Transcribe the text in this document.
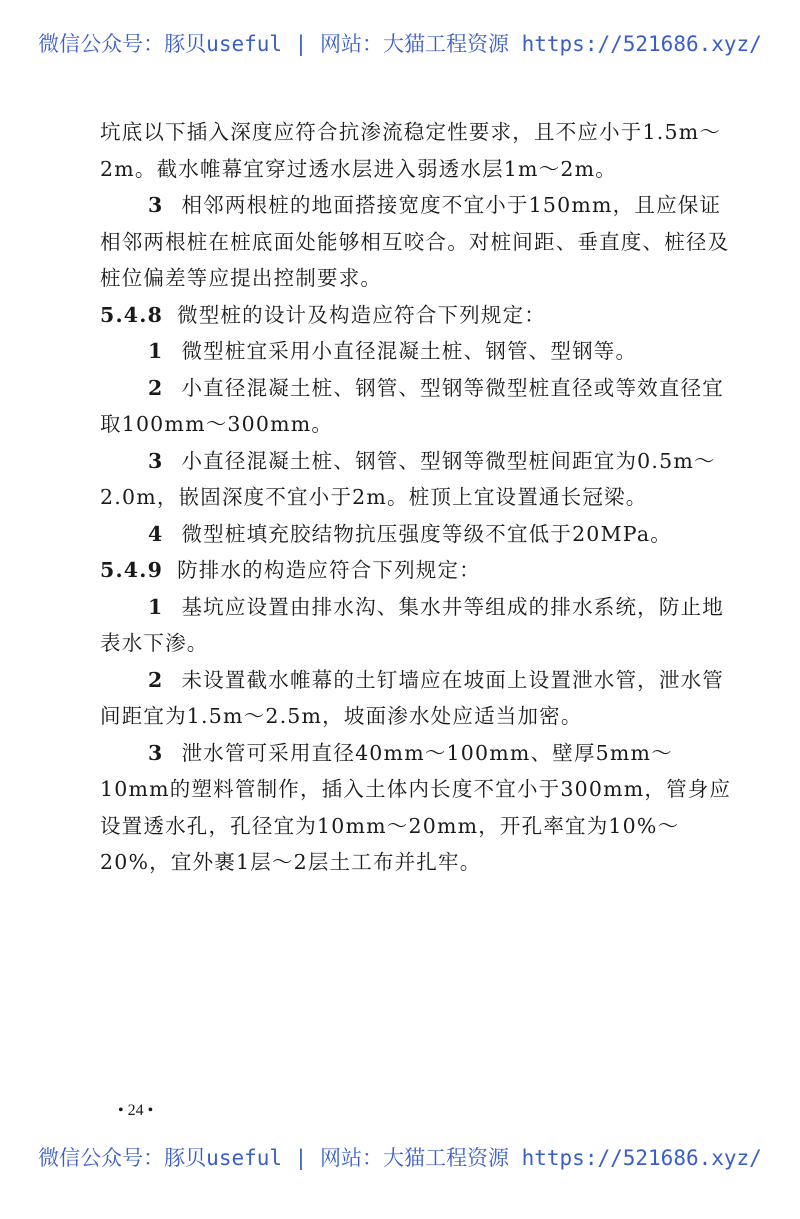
微信公众号：豚贝useful | 网站：大猫工程资源 https://521686.xyz/

坑底以下插入深度应符合抗渗流稳定性要求，且不应小于1.5m～2m。截水帷幕宜穿过透水层进入弱透水层1m～2m。

3 相邻两根桩的地面搭接宽度不宜小于150mm，且应保证相邻两根桩在桩底面处能够相互咬合。对桩间距、垂直度、桩径及桩位偏差等应提出控制要求。

5.4.8 微型桩的设计及构造应符合下列规定：

1 微型桩宜采用小直径混凝土桩、钢管、型钢等。

2 小直径混凝土桩、钢管、型钢等微型桩直径或等效直径宜取100mm～300mm。

3 小直径混凝土桩、钢管、型钢等微型桩间距宜为0.5m～2.0m，嵌固深度不宜小于2m。桩顶上宜设置通长冠梁。

4 微型桩填充胶结物抗压强度等级不宜低于20MPa。

5.4.9 防排水的构造应符合下列规定：

1 基坑应设置由排水沟、集水井等组成的排水系统，防止地表水下渗。

2 未设置截水帷幕的土钉墙应在坡面上设置泄水管，泄水管间距宜为1.5m～2.5m，坡面渗水处应适当加密。

3 泄水管可采用直径40mm～100mm、壁厚5mm～10mm的塑料管制作，插入土体内长度不宜小于300mm，管身应设置透水孔，孔径宜为10mm～20mm，开孔率宜为10%～20%，宜外裹1层～2层土工布并扎牢。

• 24 •
微信公众号：豚贝useful | 网站：大猫工程资源 https://521686.xyz/
